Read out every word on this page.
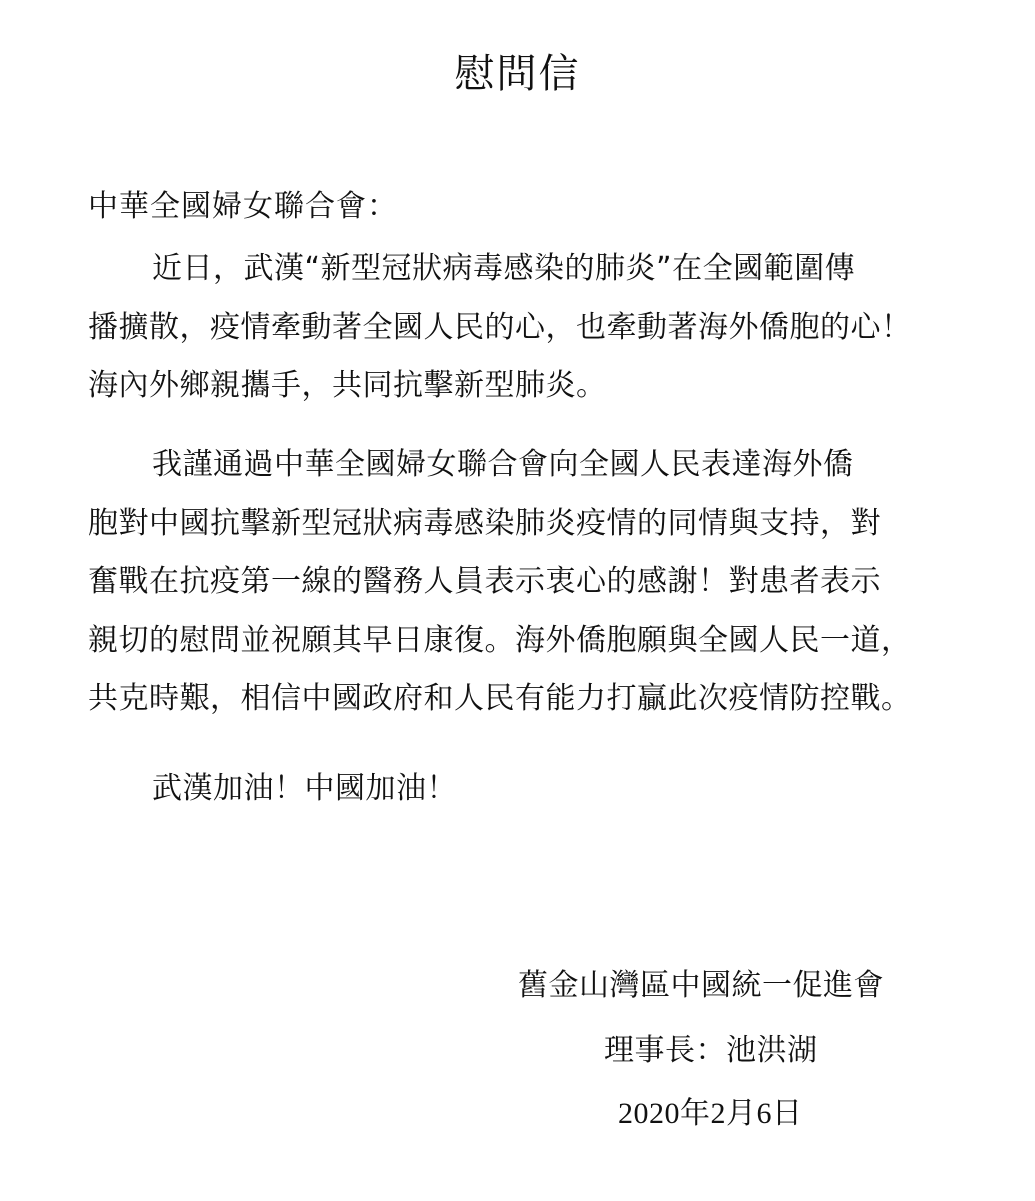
慰問信
中華全國婦女聯合會：
近日，武漢“新型冠狀病毒感染的肺炎”在全國範圍傳
播擴散，疫情牽動著全國人民的心，也牽動著海外僑胞的心！
海內外鄉親攜手，共同抗擊新型肺炎。
我謹通過中華全國婦女聯合會向全國人民表達海外僑
胞對中國抗擊新型冠狀病毒感染肺炎疫情的同情與支持，對
奮戰在抗疫第一線的醫務人員表示衷心的感謝！對患者表示
親切的慰問並祝願其早日康復。海外僑胞願與全國人民一道，
共克時艱，相信中國政府和人民有能力打贏此次疫情防控戰。
武漢加油！中國加油！
舊金山灣區中國統一促進會
理事長：池洪湖
2020年2月6日
